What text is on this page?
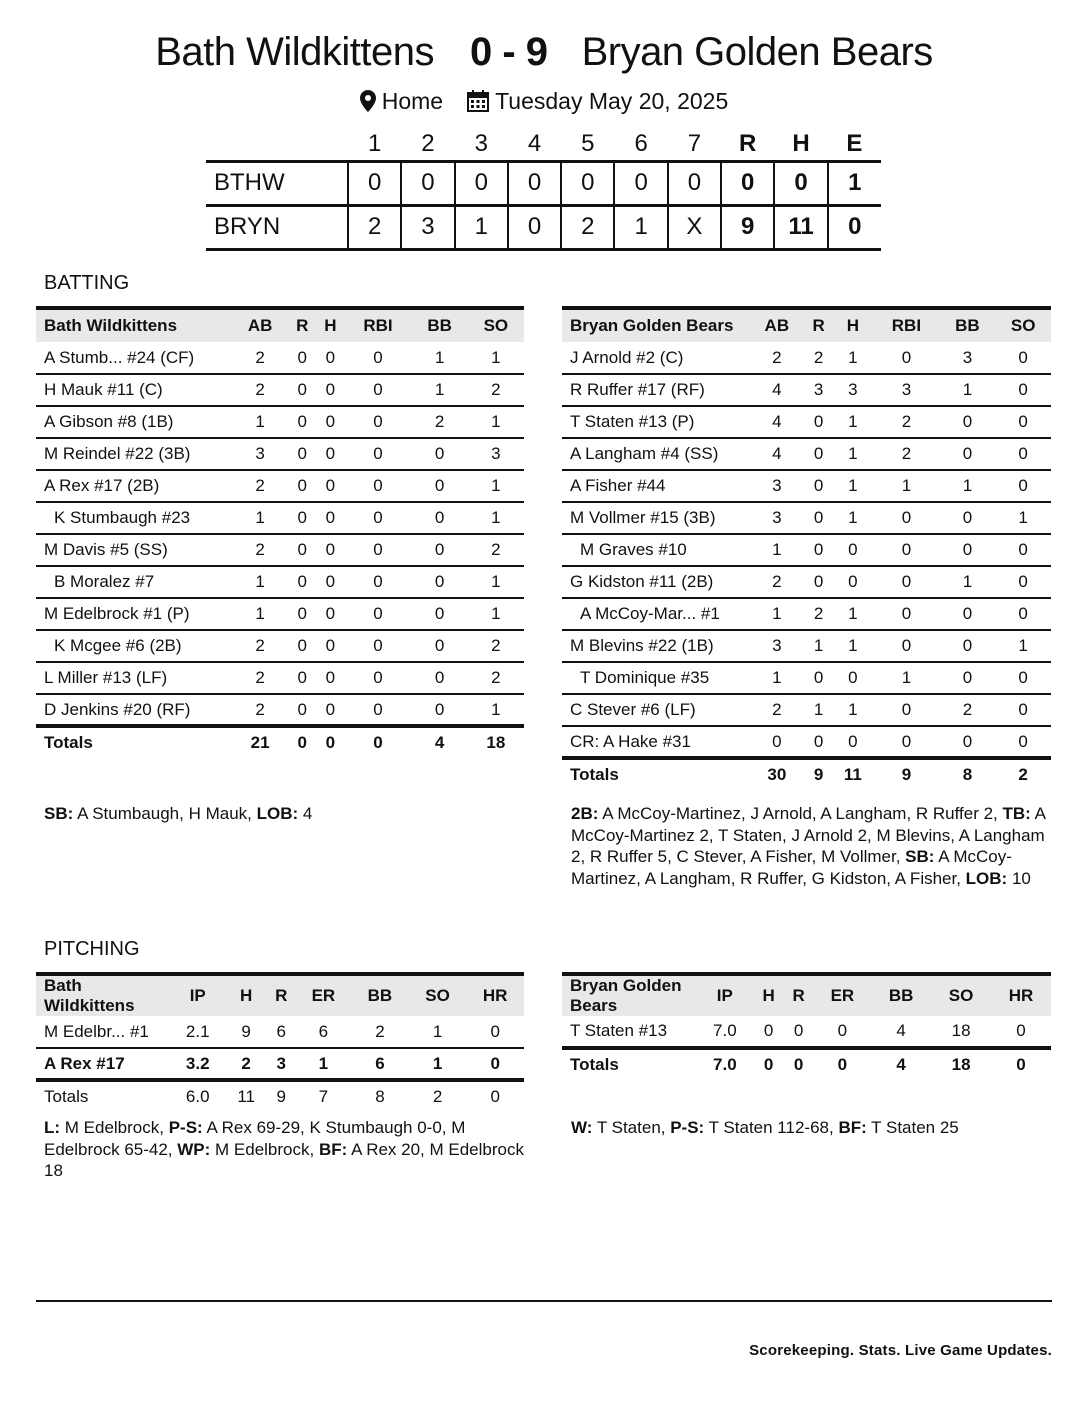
Bath Wildkittens 0 - 9 Bryan Golden Bears
Home Tuesday May 20, 2025
	1	2	3	4	5	6	7	R	H	E
BTHW	0	0	0	0	0	0	0	0	0	1
BRYN	2	3	1	0	2	1	X	9	11	0
BATTING
Bath Wildkittens	AB	R	H	RBI	BB	SO
A Stumb... #24 (CF)	2	0	0	0	1	1
H Mauk #11 (C)	2	0	0	0	1	2
A Gibson #8 (1B)	1	0	0	0	2	1
M Reindel #22 (3B)	3	0	0	0	0	3
A Rex #17 (2B)	2	0	0	0	0	1
K Stumbaugh #23	1	0	0	0	0	1
M Davis #5 (SS)	2	0	0	0	0	2
B Moralez #7	1	0	0	0	0	1
M Edelbrock #1 (P)	1	0	0	0	0	1
K Mcgee #6 (2B)	2	0	0	0	0	2
L Miller #13 (LF)	2	0	0	0	0	2
D Jenkins #20 (RF)	2	0	0	0	0	1
Totals	21	0	0	0	4	18
Bryan Golden Bears	AB	R	H	RBI	BB	SO
J Arnold #2 (C)	2	2	1	0	3	0
R Ruffer #17 (RF)	4	3	3	3	1	0
T Staten #13 (P)	4	0	1	2	0	0
A Langham #4 (SS)	4	0	1	2	0	0
A Fisher #44	3	0	1	1	1	0
M Vollmer #15 (3B)	3	0	1	0	0	1
M Graves #10	1	0	0	0	0	0
G Kidston #11 (2B)	2	0	0	0	1	0
A McCoy-Mar... #1	1	2	1	0	0	0
M Blevins #22 (1B)	3	1	1	0	0	1
T Dominique #35	1	0	0	1	0	0
C Stever #6 (LF)	2	1	1	0	2	0
CR: A Hake #31	0	0	0	0	0	0
Totals	30	9	11	9	8	2
SB: A Stumbaugh, H Mauk, LOB: 4	2B: A McCoy-Martinez, J Arnold, A Langham, R Ruffer 2, TB: A McCoy-Martinez 2, T Staten, J Arnold 2, M Blevins, A Langham 2, R Ruffer 5, C Stever, A Fisher, M Vollmer, SB: A McCoy-Martinez, A Langham, R Ruffer, G Kidston, A Fisher, LOB: 10
PITCHING
Bath Wildkittens	IP	H	R	ER	BB	SO	HR
M Edelbr... #1	2.1	9	6	6	2	1	0
A Rex #17	3.2	2	3	1	6	1	0
Totals	6.0	11	9	7	8	2	0
Bryan Golden Bears	IP	H	R	ER	BB	SO	HR
T Staten #13	7.0	0	0	0	4	18	0
Totals	7.0	0	0	0	4	18	0
L: M Edelbrock, P-S: A Rex 69-29, K Stumbaugh 0-0, M Edelbrock 65-42, WP: M Edelbrock, BF: A Rex 20, M Edelbrock 18
W: T Staten, P-S: T Staten 112-68, BF: T Staten 25
Scorekeeping. Stats. Live Game Updates.
